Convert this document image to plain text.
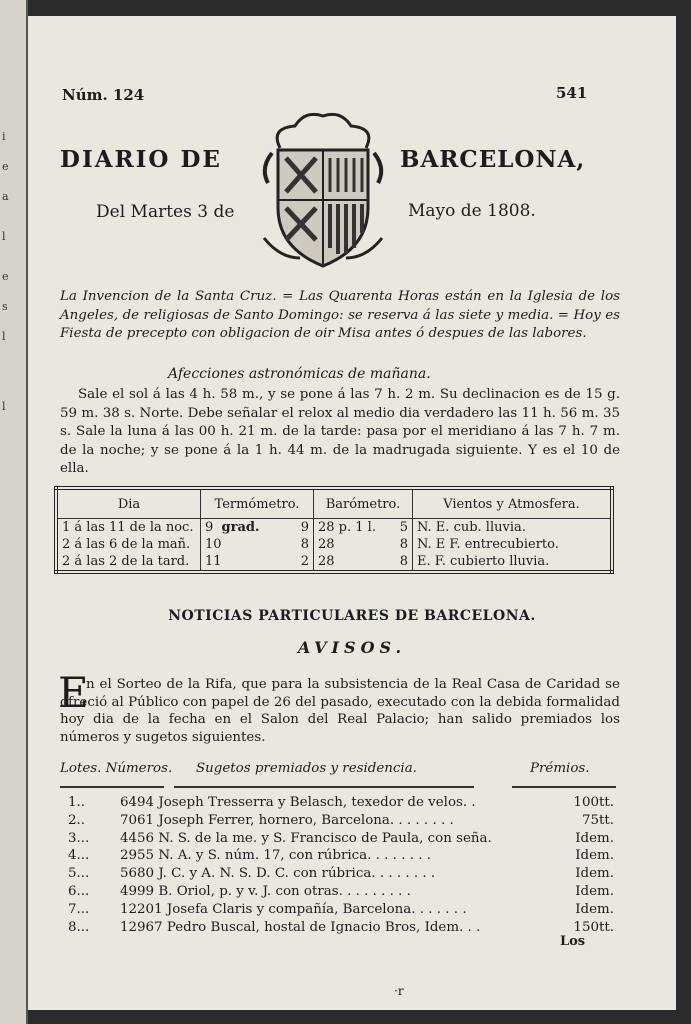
i
e
a
l
e
s
l
l
Núm. 124	541
DIARIO DE	BARCELONA,
Del Martes 3 de	Mayo de 1808.
La Invencion de la Santa Cruz. = Las Quarenta Horas están en la Iglesia de los Angeles, de religiosas de Santo Domingo: se reserva á las siete y media. = Hoy es Fiesta de precepto con obligacion de oir Misa antes ó despues de las labores.
Afecciones astronómicas de mañana.
Sale el sol á las 4 h. 58 m., y se pone á las 7 h. 2 m. Su declinacion es de 15 g. 59 m. 38 s. Norte. Debe señalar el relox al medio dia verdadero las 11 h. 56 m. 35 s. Sale la luna á las 00 h. 21 m. de la tarde: pasa por el meridiano á las 7 h. 7 m. de la noche; y se pone á la 1 h. 44 m. de la madrugada siguiente. Y es el 10 de ella.
Dia	Termómetro.	Barómetro.	Vientos y Atmosfera.
1 á las 11 de la noc.	9 grad. 9	28 p. 1 l. 5	N. E. cub. lluvia.
2 á las 6 de la mañ.	10 8	28 8	N. E F. entrecubierto.
2 á las 2 de la tard.	11 2	28 8	E. F. cubierto lluvia.
NOTICIAS PARTICULARES DE BARCELONA.
AVISOS.
E
n el Sorteo de la Rifa, que para la subsistencia de la Real Casa de Caridad se ofreció al Público con papel de 26 del pasado, executado con la debida formalidad hoy dia de la fecha en el Salon del Real Palacio; han salido premiados los números y sugetos siguientes.
Lotes. Números. Sugetos premiados y residencia.	Prémios.
1..	6494 Joseph Tresserra y Belasch, texedor de velos. .	100tt.
2..	7061 Joseph Ferrer, hornero, Barcelona. . . . . . . .	75tt.
3... 4456 N. S. de la me. y S. Francisco de Paula, con seña.	Idem.
4... 2955 N. A. y S. núm. 17, con rúbrica. . . . . . . .	Idem.
5... 5680 J. C. y A. N. S. D. C. con rúbrica. . . . . . . .	Idem.
6... 4999 B. Oriol, p. y v. J. con otras. . . . . . . . .	Idem.
7... 12201 Josefa Claris y compañía, Barcelona. . . . . . .	Idem.
8... 12967 Pedro Buscal, hostal de Ignacio Bros, Idem. . .	150tt.
Los
·r
